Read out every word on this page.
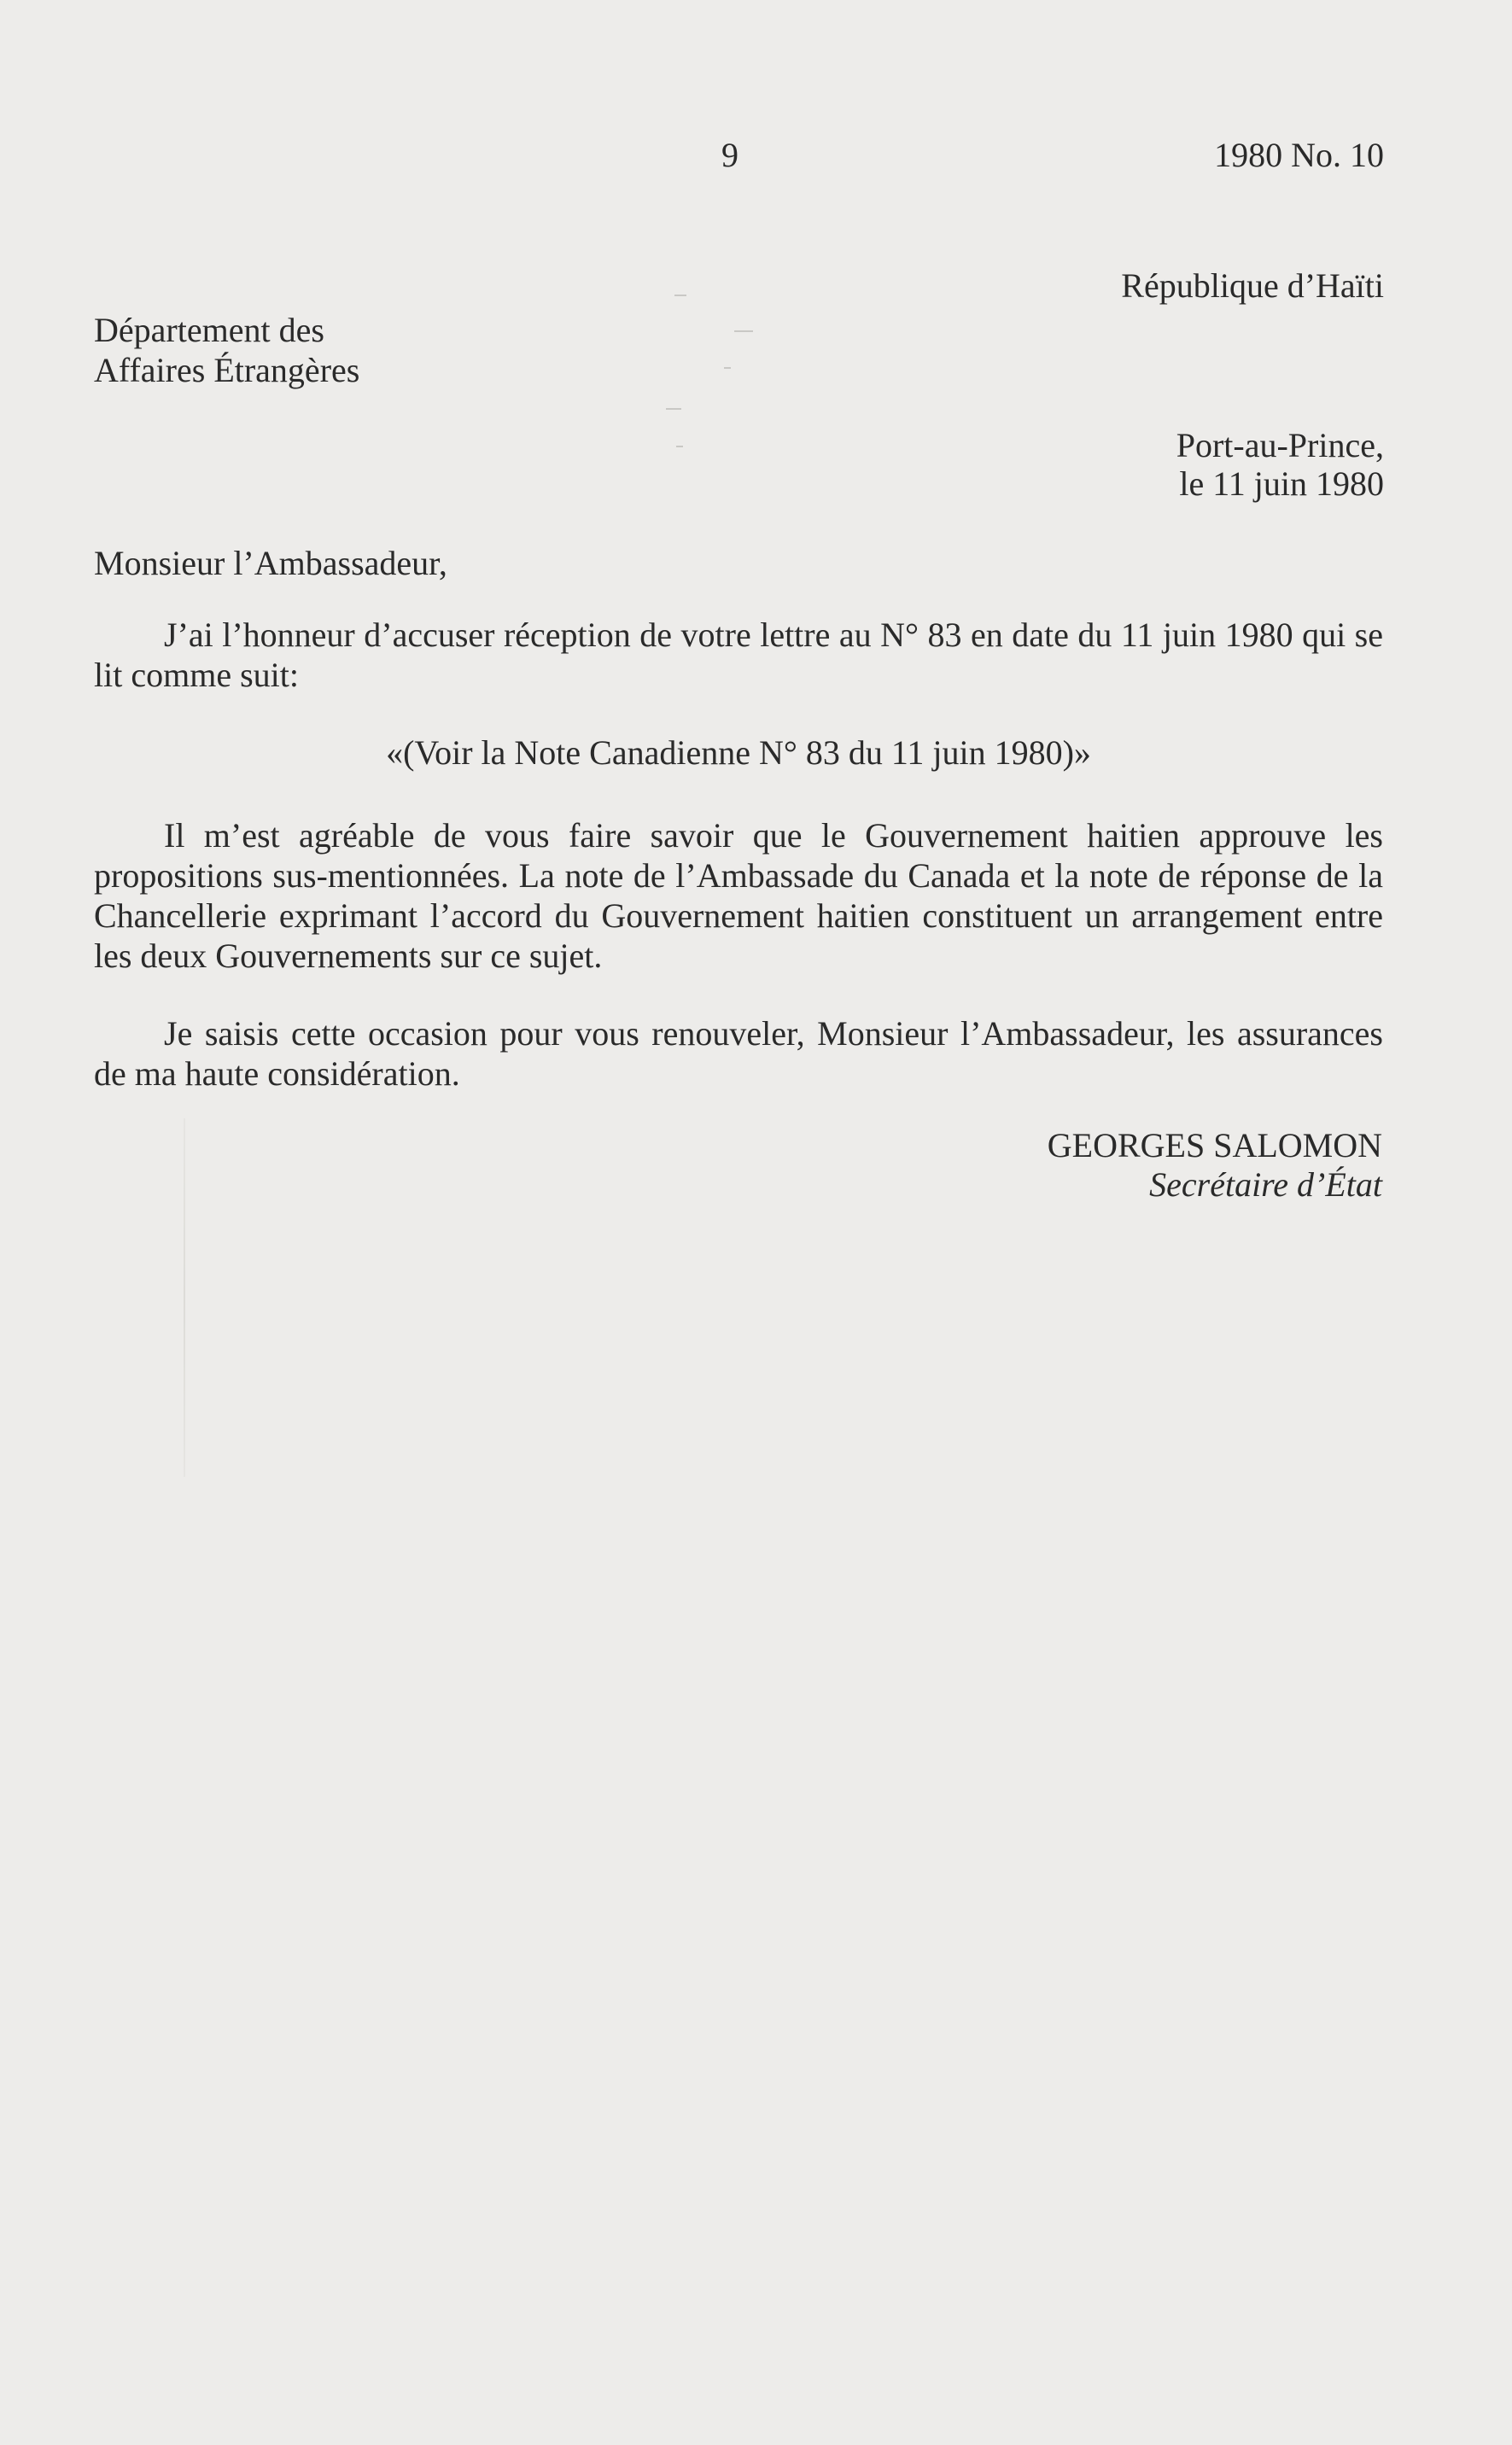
9	1980 No. 10
République d’Haïti
Département des
Affaires Étrangères
Port-au-Prince,
le 11 juin 1980
Monsieur l’Ambassadeur,
J’ai l’honneur d’accuser réception de votre lettre au N° 83 en date du 11 juin 1980 qui se lit comme suit:
«(Voir la Note Canadienne N° 83 du 11 juin 1980)»
Il m’est agréable de vous faire savoir que le Gouvernement haitien approuve les propositions sus-mentionnées. La note de l’Ambassade du Canada et la note de réponse de la Chancellerie exprimant l’accord du Gouvernement haitien constituent un arrangement entre les deux Gouvernements sur ce sujet.
Je saisis cette occasion pour vous renouveler, Monsieur l’Ambassadeur, les assurances de ma haute considération.
GEORGES SALOMON
Secrétaire d’État
